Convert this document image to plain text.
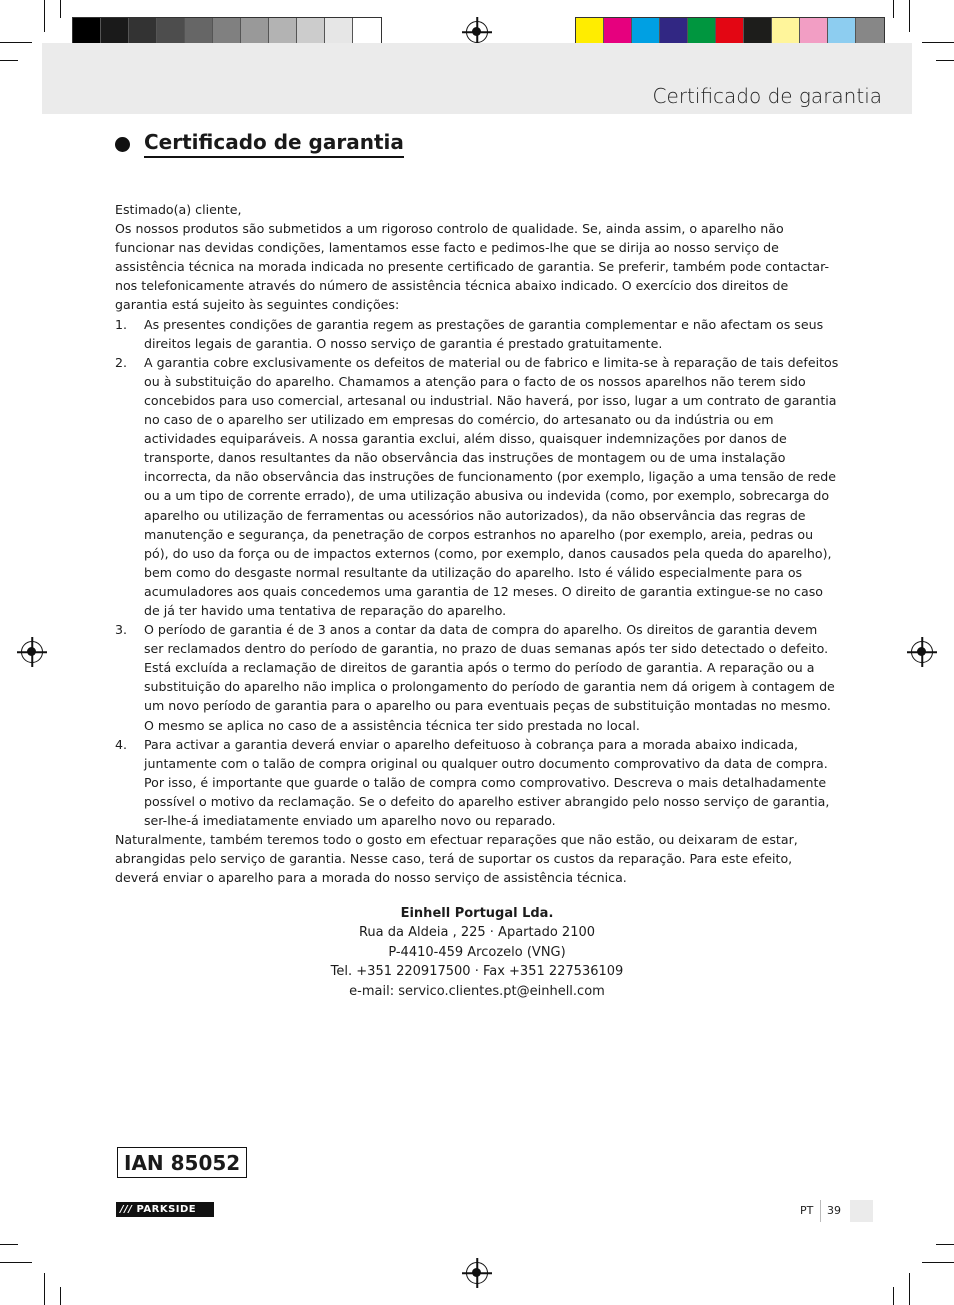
Certificado de garantia
Certificado de garantia

Estimado(a) cliente,

Os nossos produtos são submetidos a um rigoroso controlo de qualidade. Se, ainda assim, o aparelho não funcionar nas devidas condições, lamentamos esse facto e pedimos-lhe que se dirija ao nosso serviço de assistência técnica na morada indicada no presente certificado de garantia. Se preferir, também pode contactar-nos telefonicamente através do número de assistência técnica abaixo indicado. O exercício dos direitos de garantia está sujeito às seguintes condições:

1.	As presentes condições de garantia regem as prestações de garantia complementar e não afectam os seus direitos legais de garantia. O nosso serviço de garantia é prestado gratuitamente.
2.	A garantia cobre exclusivamente os defeitos de material ou de fabrico e limita-se à reparação de tais defeitos ou à substituição do aparelho. Chamamos a atenção para o facto de os nossos aparelhos não terem sido concebidos para uso comercial, artesanal ou industrial. Não haverá, por isso, lugar a um contrato de garantia no caso de o aparelho ser utilizado em empresas do comércio, do artesanato ou da indústria ou em actividades equiparáveis. A nossa garantia exclui, além disso, quaisquer indemnizações por danos de transporte, danos resultantes da não observância das instruções de montagem ou de uma instalação incorrecta, da não observância das instruções de funcionamento (por exemplo, ligação a uma tensão de rede ou a um tipo de corrente errado), de uma utilização abusiva ou indevida (como, por exemplo, sobrecarga do aparelho ou utilização de ferramentas ou acessórios não autorizados), da não observância das regras de manutenção e segurança, da penetração de corpos estranhos no aparelho (por exemplo, areia, pedras ou pó), do uso da força ou de impactos externos (como, por exemplo, danos causados pela queda do aparelho), bem como do desgaste normal resultante da utilização do aparelho. Isto é válido especialmente para os acumuladores aos quais concedemos uma garantia de 12 meses. O direito de garantia extingue-se no caso de já ter havido uma tentativa de reparação do aparelho.
3.	O período de garantia é de 3 anos a contar da data de compra do aparelho. Os direitos de garantia devem ser reclamados dentro do período de garantia, no prazo de duas semanas após ter sido detectado o defeito. Está excluída a reclamação de direitos de garantia após o termo do período de garantia. A reparação ou a substituição do aparelho não implica o prolongamento do período de garantia nem dá origem à contagem de um novo período de garantia para o aparelho ou para eventuais peças de substituição montadas no mesmo. O mesmo se aplica no caso de a assistência técnica ter sido prestada no local.
4.	Para activar a garantia deverá enviar o aparelho defeituoso à cobrança para a morada abaixo indicada, juntamente com o talão de compra original ou qualquer outro documento comprovativo da data de compra. Por isso, é importante que guarde o talão de compra como comprovativo. Descreva o mais detalhadamente possível o motivo da reclamação. Se o defeito do aparelho estiver abrangido pelo nosso serviço de garantia, ser-lhe-á imediatamente enviado um aparelho novo ou reparado.

Naturalmente, também teremos todo o gosto em efectuar reparações que não estão, ou deixaram de estar, abrangidas pelo serviço de garantia. Nesse caso, terá de suportar os custos da reparação. Para este efeito, deverá enviar o aparelho para a morada do nosso serviço de assistência técnica.

Einhell Portugal Lda.
Rua da Aldeia , 225 · Apartado 2100
P-4410-459 Arcozelo (VNG)
Tel. +351 220917500 · Fax +351 227536109
e-mail: servico.clientes.pt@einhell.com
IAN 85052
/// PARKSIDE	PT 39
